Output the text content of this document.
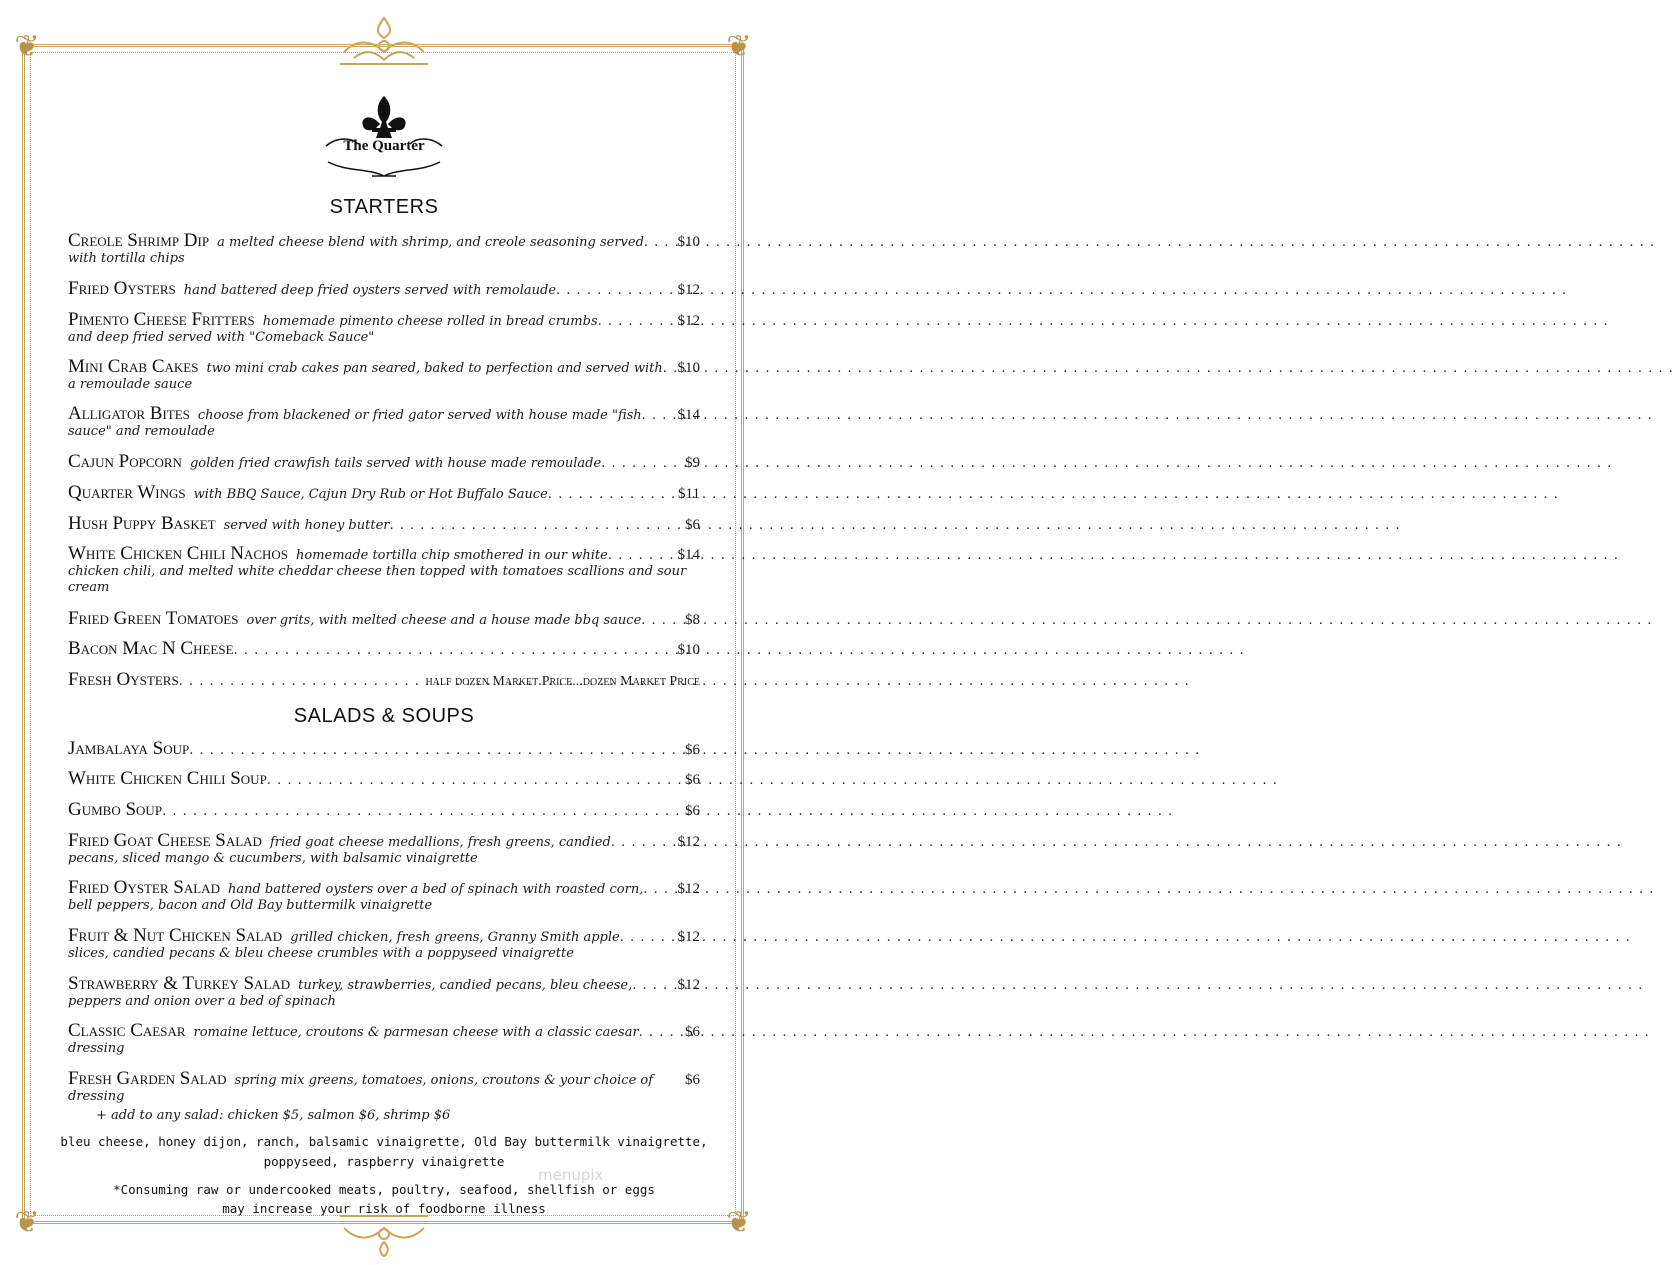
❦	❦
❦	❦
The Quarter
STARTERS
Creole Shrimp Dip a melted cheese blend with shrimp, and creole seasoning served . . . $10
with tortilla chips
Fried Oysters hand battered deep fried oysters served with remolaude . . .	$12
Pimento Cheese Fritters homemade pimento cheese rolled in bread crumbs . . .	$12
and deep fried served with "Comeback Sauce"
Mini Crab Cakes two mini crab cakes pan seared, baked to perfection and served with . . . $10
a remoulade sauce
Alligator Bites choose from blackened or fried gator served with house made "fish . . . $14
sauce" and remoulade
Cajun Popcorn golden fried crawfish tails served with house made remoulade . . .	$9
Quarter Wings with BBQ Sauce, Cajun Dry Rub or Hot Buffalo Sauce . . .	$11
Hush Puppy Basket served with honey butter . . .	$6
White Chicken Chili Nachos homemade tortilla chip smothered in our white . . .	$14
chicken chili, and melted white cheddar cheese then topped with tomatoes scallions and sour cream
Fried Green Tomatoes over grits, with melted cheese and a house made bbq sauce . . .	$8
Bacon Mac N Cheese . . .	$10
Fresh Oysters . . .	half dozen Market Price...dozen Market Price
SALADS & SOUPS
Jambalaya Soup . . .	$6
White Chicken Chili Soup . . .	$6
Gumbo Soup . . .	$6
Fried Goat Cheese Salad fried goat cheese medallions, fresh greens, candied . . .	$12
pecans, sliced mango & cucumbers, with balsamic vinaigrette
Fried Oyster Salad hand battered oysters over a bed of spinach with roasted corn, . . . $12
bell peppers, bacon and Old Bay buttermilk vinaigrette
Fruit & Nut Chicken Salad grilled chicken, fresh greens, Granny Smith apple . . .	$12
slices, candied pecans & bleu cheese crumbles with a poppyseed vinaigrette
Strawberry & Turkey Salad turkey, strawberries, candied pecans, bleu cheese, . . .	$12
peppers and onion over a bed of spinach
Classic Caesar romaine lettuce, croutons & parmesan cheese with a classic caesar . . .	$6
dressing
Fresh Garden Salad spring mix greens, tomatoes, onions, croutons & your choice of $6
dressing
+ add to any salad: chicken $5, salmon $6, shrimp $6
bleu cheese, honey dijon, ranch, balsamic vinaigrette, Old Bay buttermilk vinaigrette,
poppyseed, raspberry vinaigrette
*Consuming raw or undercooked meats, poultry, seafood, shellfish or eggs
may increase your risk of foodborne illness
menupix
